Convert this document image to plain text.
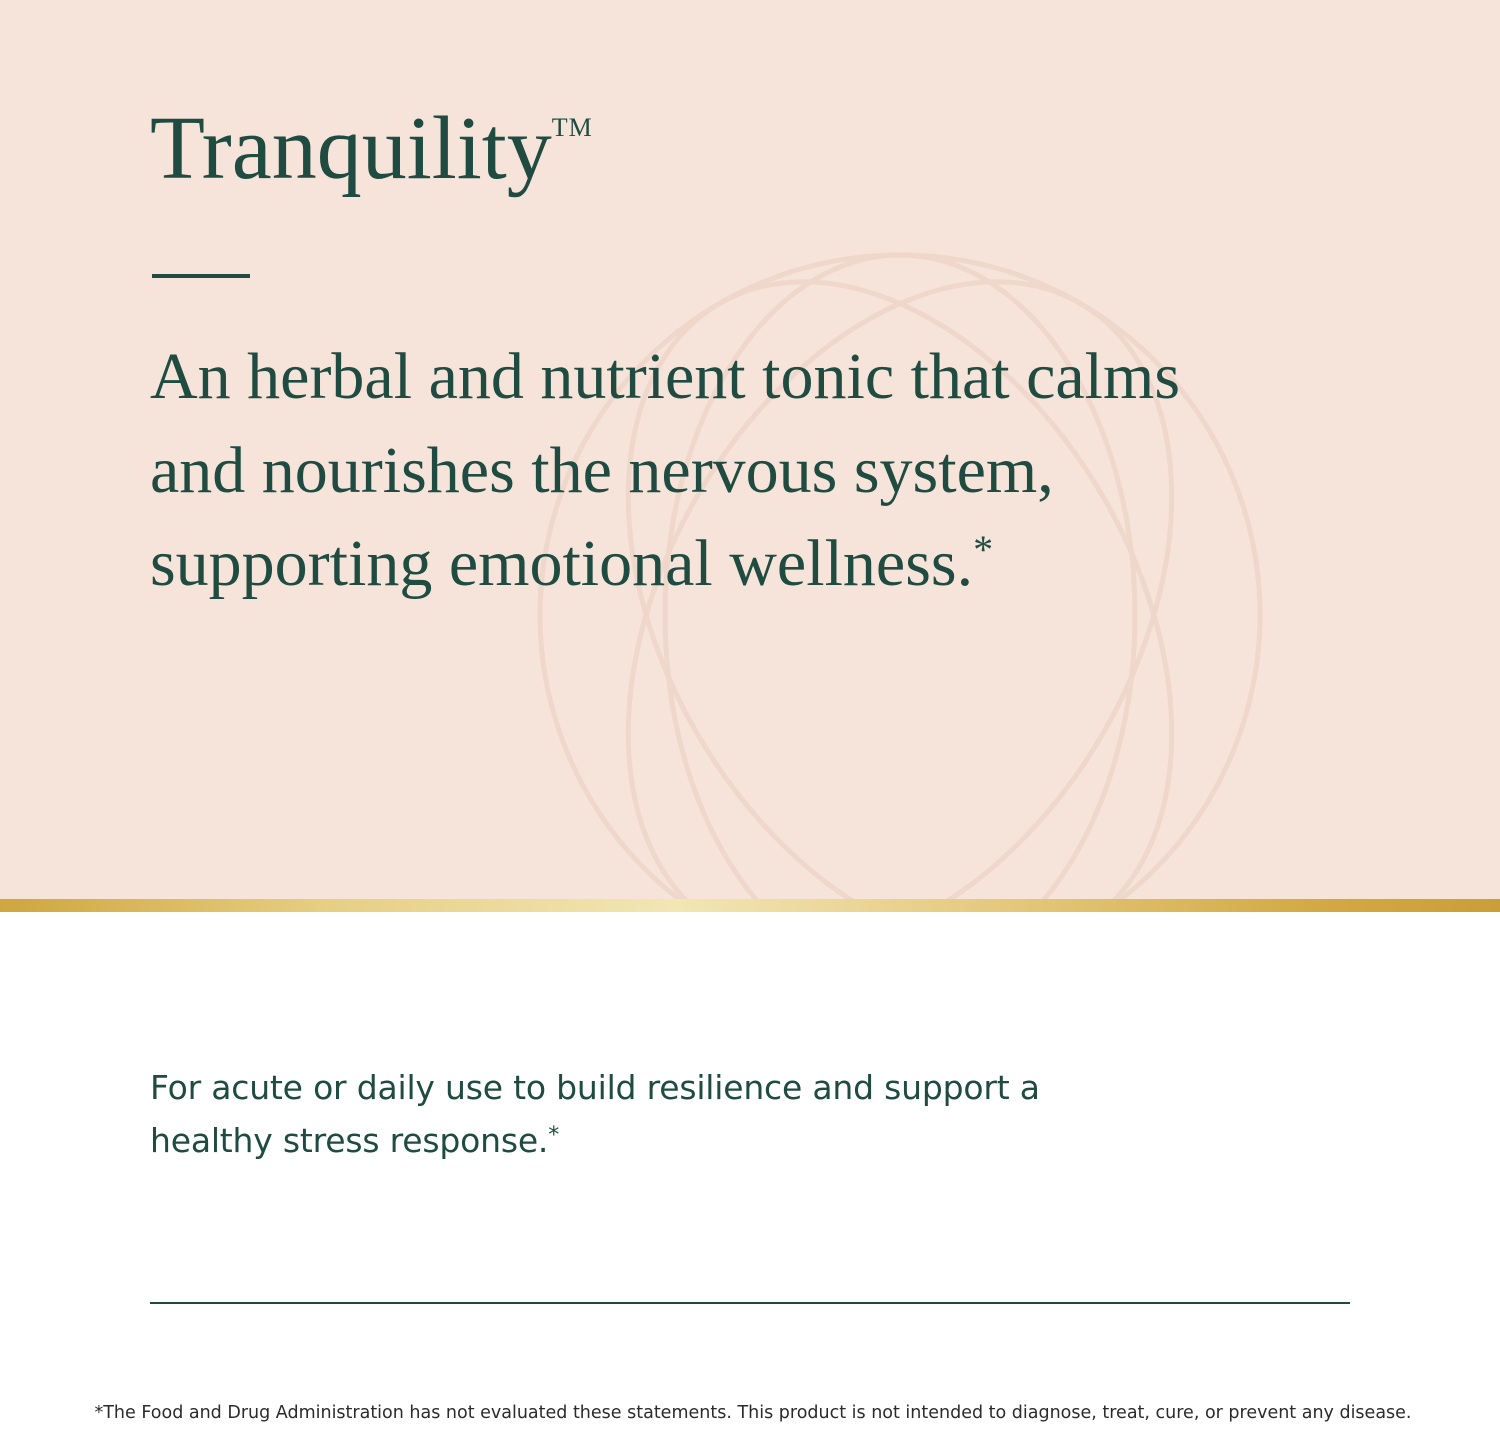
Tranquility™

An herbal and nutrient tonic that calms and nourishes the nervous system, supporting emotional wellness.*

For acute or daily use to build resilience and support a healthy stress response.*

*The Food and Drug Administration has not evaluated these statements. This product is not intended to diagnose, treat, cure, or prevent any disease.
